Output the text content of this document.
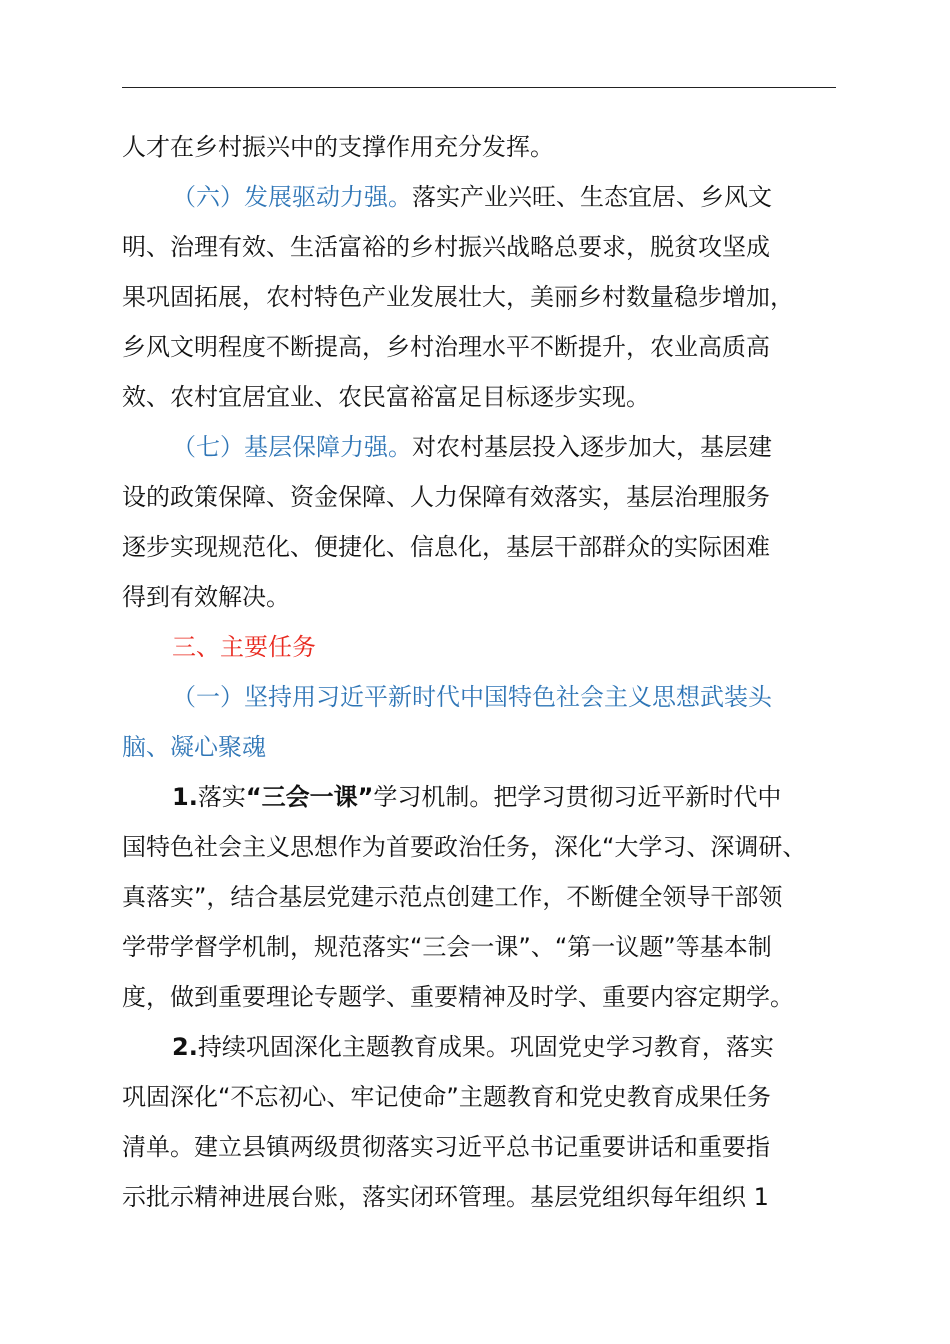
人才在乡村振兴中的支撑作用充分发挥。

（六）发展驱动力强。落实产业兴旺、生态宜居、乡风文

明、治理有效、生活富裕的乡村振兴战略总要求，脱贫攻坚成

果巩固拓展，农村特色产业发展壮大，美丽乡村数量稳步增加，

乡风文明程度不断提高，乡村治理水平不断提升，农业高质高

效、农村宜居宜业、农民富裕富足目标逐步实现。

（七）基层保障力强。对农村基层投入逐步加大，基层建

设的政策保障、资金保障、人力保障有效落实，基层治理服务

逐步实现规范化、便捷化、信息化，基层干部群众的实际困难

得到有效解决。

三、主要任务

（一）坚持用习近平新时代中国特色社会主义思想武装头

脑、凝心聚魂

1.落实“三会一课”学习机制。把学习贯彻习近平新时代中

国特色社会主义思想作为首要政治任务，深化“大学习、深调研、

真落实”，结合基层党建示范点创建工作，不断健全领导干部领

学带学督学机制，规范落实“三会一课”、“第一议题”等基本制

度，做到重要理论专题学、重要精神及时学、重要内容定期学。

2.持续巩固深化主题教育成果。巩固党史学习教育，落实

巩固深化“不忘初心、牢记使命”主题教育和党史教育成果任务

清单。建立县镇两级贯彻落实习近平总书记重要讲话和重要指

示批示精神进展台账，落实闭环管理。基层党组织每年组织 1
